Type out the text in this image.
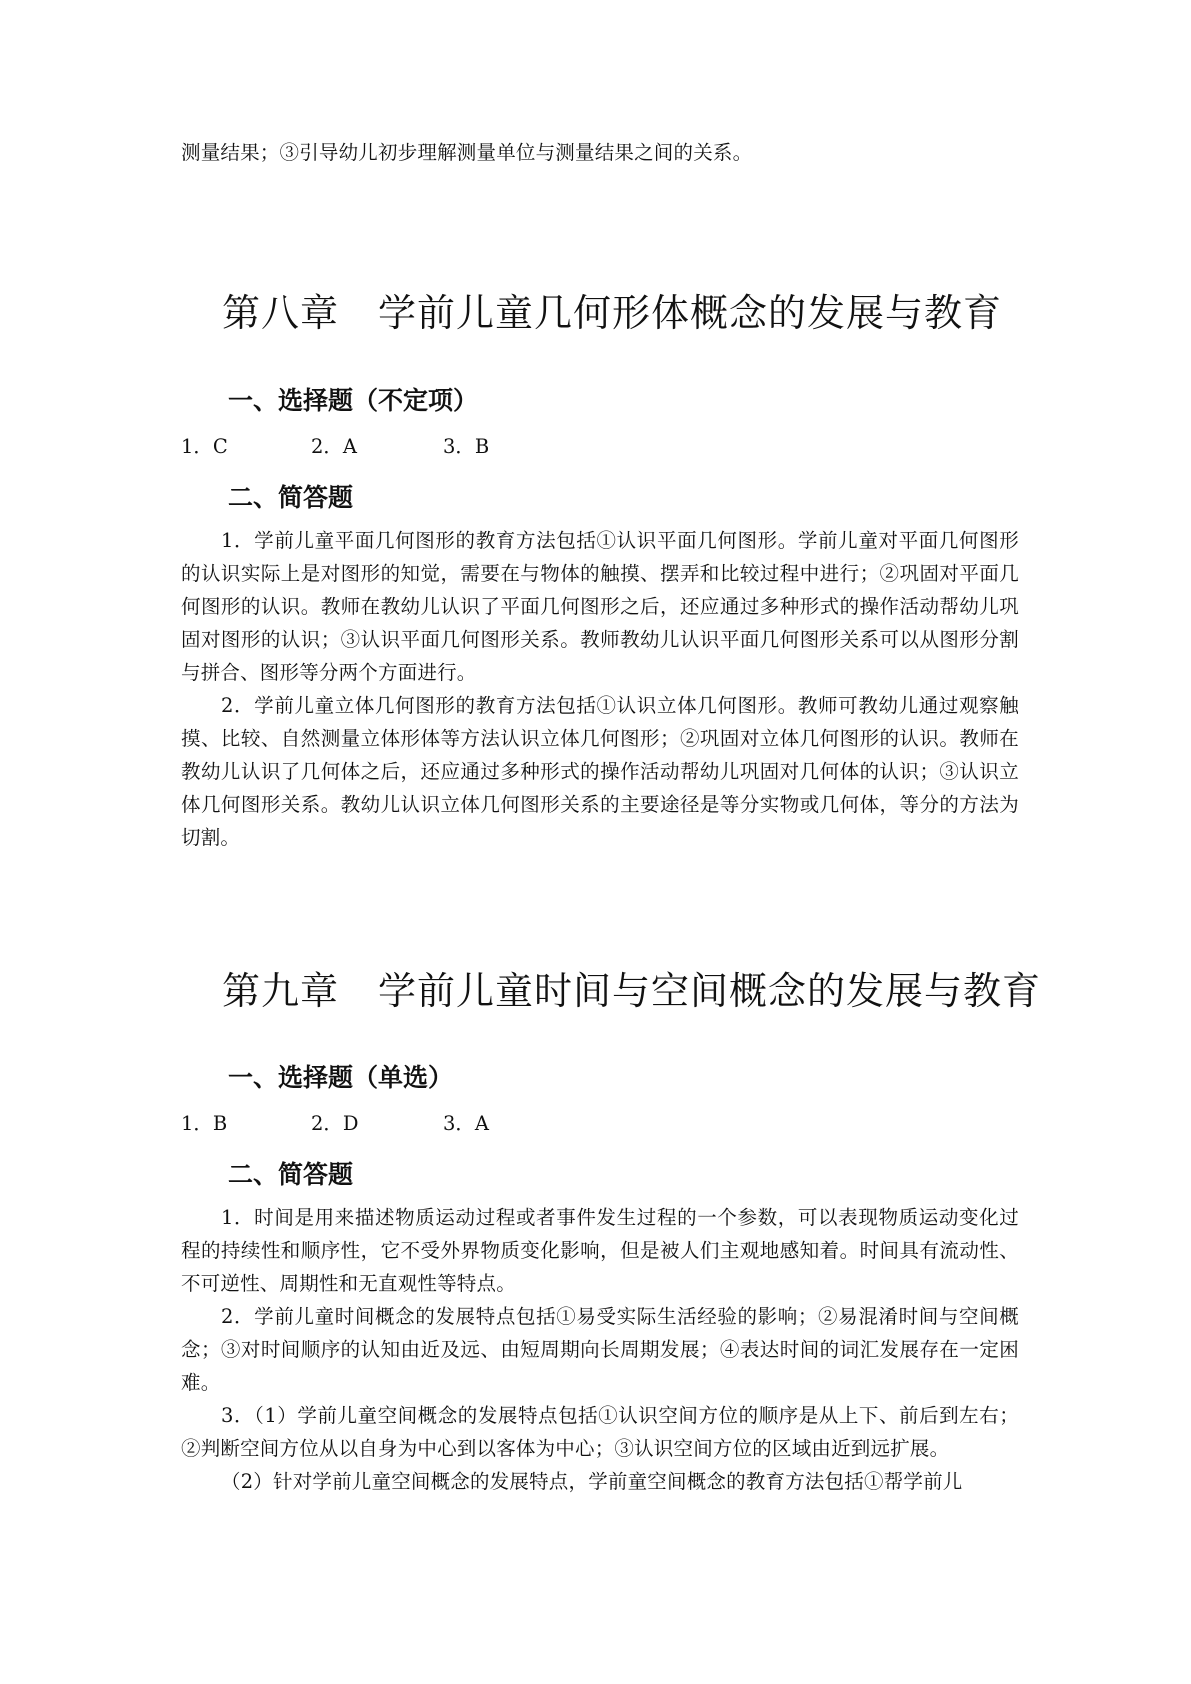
测量结果；③引导幼儿初步理解测量单位与测量结果之间的关系。

第八章　学前儿童几何形体概念的发展与教育
一、选择题（不定项）
1．C	2．A	3．B
二、简答题

1．学前儿童平面几何图形的教育方法包括①认识平面几何图形。学前儿童对平面几何图形的认识实际上是对图形的知觉，需要在与物体的触摸、摆弄和比较过程中进行；②巩固对平面几何图形的认识。教师在教幼儿认识了平面几何图形之后，还应通过多种形式的操作活动帮幼儿巩固对图形的认识；③认识平面几何图形关系。教师教幼儿认识平面几何图形关系可以从图形分割与拼合、图形等分两个方面进行。

2．学前儿童立体几何图形的教育方法包括①认识立体几何图形。教师可教幼儿通过观察触摸、比较、自然测量立体形体等方法认识立体几何图形；②巩固对立体几何图形的认识。教师在教幼儿认识了几何体之后，还应通过多种形式的操作活动帮幼儿巩固对几何体的认识；③认识立体几何图形关系。教幼儿认识立体几何图形关系的主要途径是等分实物或几何体，等分的方法为切割。

第九章　学前儿童时间与空间概念的发展与教育
一、选择题（单选）
1．B	2．D	3．A
二、简答题

1．时间是用来描述物质运动过程或者事件发生过程的一个参数，可以表现物质运动变化过程的持续性和顺序性，它不受外界物质变化影响，但是被人们主观地感知着。时间具有流动性、不可逆性、周期性和无直观性等特点。

2．学前儿童时间概念的发展特点包括①易受实际生活经验的影响；②易混淆时间与空间概念；③对时间顺序的认知由近及远、由短周期向长周期发展；④表达时间的词汇发展存在一定困难。

3．（1）学前儿童空间概念的发展特点包括①认识空间方位的顺序是从上下、前后到左右；②判断空间方位从以自身为中心到以客体为中心；③认识空间方位的区域由近到远扩展。

（2）针对学前儿童空间概念的发展特点，学前童空间概念的教育方法包括①帮学前儿
